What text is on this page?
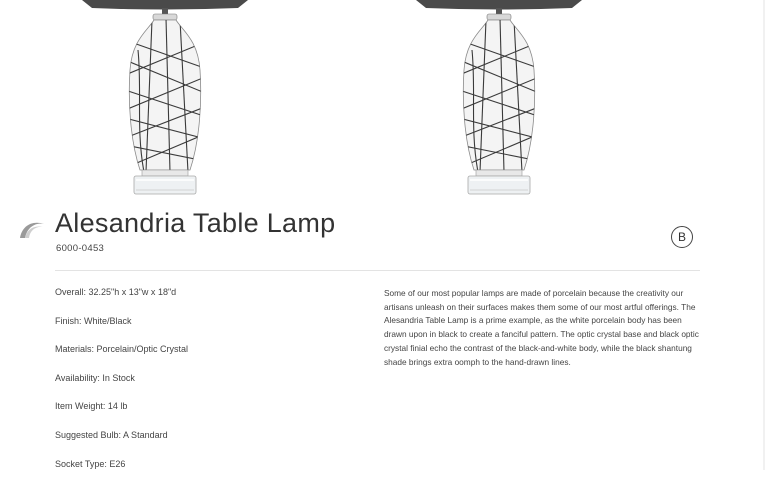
Alesandria Table Lamp
6000-0453
B
Overall: 32.25"h x 13"w x 18"d
Finish: White/Black
Materials: Porcelain/Optic Crystal
Availability: In Stock
Item Weight: 14 lb
Suggested Bulb: A Standard
Socket Type: E26

Some of our most popular lamps are made of porcelain because the creativity our artisans unleash on their surfaces makes them some of our most artful offerings. The Alesandria Table Lamp is a prime example, as the white porcelain body has been drawn upon in black to create a fanciful pattern. The optic crystal base and black optic crystal finial echo the contrast of the black-and-white body, while the black shantung shade brings extra oomph to the hand-drawn lines.
